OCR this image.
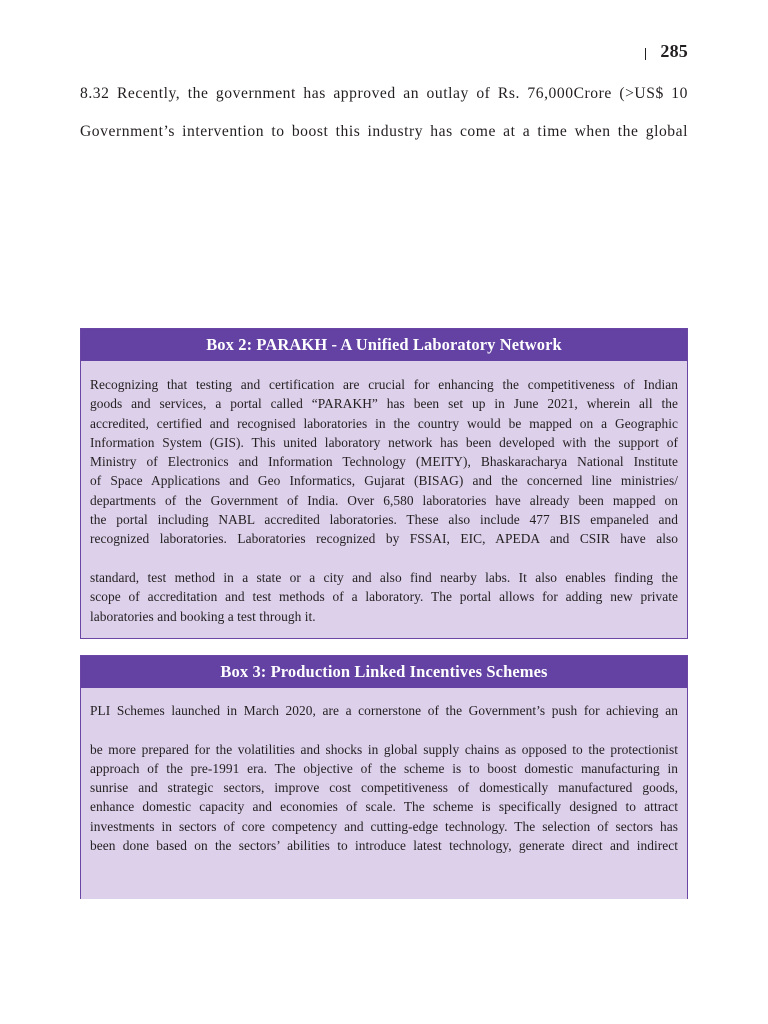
285

8.32 Recently, the government has approved an outlay of Rs. 76,000Crore (>US$ 10

Government’s intervention to boost this industry has come at a time when the global

Box 2: PARAKH - A Unified Laboratory Network
Recognizing that testing and certification are crucial for enhancing the competitiveness of Indian
goods and services, a portal called “PARAKH” has been set up in June 2021, wherein all the
accredited, certified and recognised laboratories in the country would be mapped on a Geographic
Information System (GIS). This united laboratory network has been developed with the support of
Ministry of Electronics and Information Technology (MEITY), Bhaskaracharya National Institute
of Space Applications and Geo Informatics, Gujarat (BISAG) and the concerned line ministries/
departments of the Government of India. Over 6,580 laboratories have already been mapped on
the portal including NABL accredited laboratories. These also include 477 BIS empaneled and
recognized laboratories. Laboratories recognized by FSSAI, EIC, APEDA and CSIR have also
standard, test method in a state or a city and also find nearby labs. It also enables finding the
scope of accreditation and test methods of a laboratory. The portal allows for adding new private
laboratories and booking a test through it.
Box 3: Production Linked Incentives Schemes
PLI Schemes launched in March 2020, are a cornerstone of the Government’s push for achieving an
be more prepared for the volatilities and shocks in global supply chains as opposed to the protectionist
approach of the pre-1991 era. The objective of the scheme is to boost domestic manufacturing in
sunrise and strategic sectors, improve cost competitiveness of domestically manufactured goods,
enhance domestic capacity and economies of scale. The scheme is specifically designed to attract
investments in sectors of core competency and cutting-edge technology. The selection of sectors has
been done based on the sectors’ abilities to introduce latest technology, generate direct and indirect
